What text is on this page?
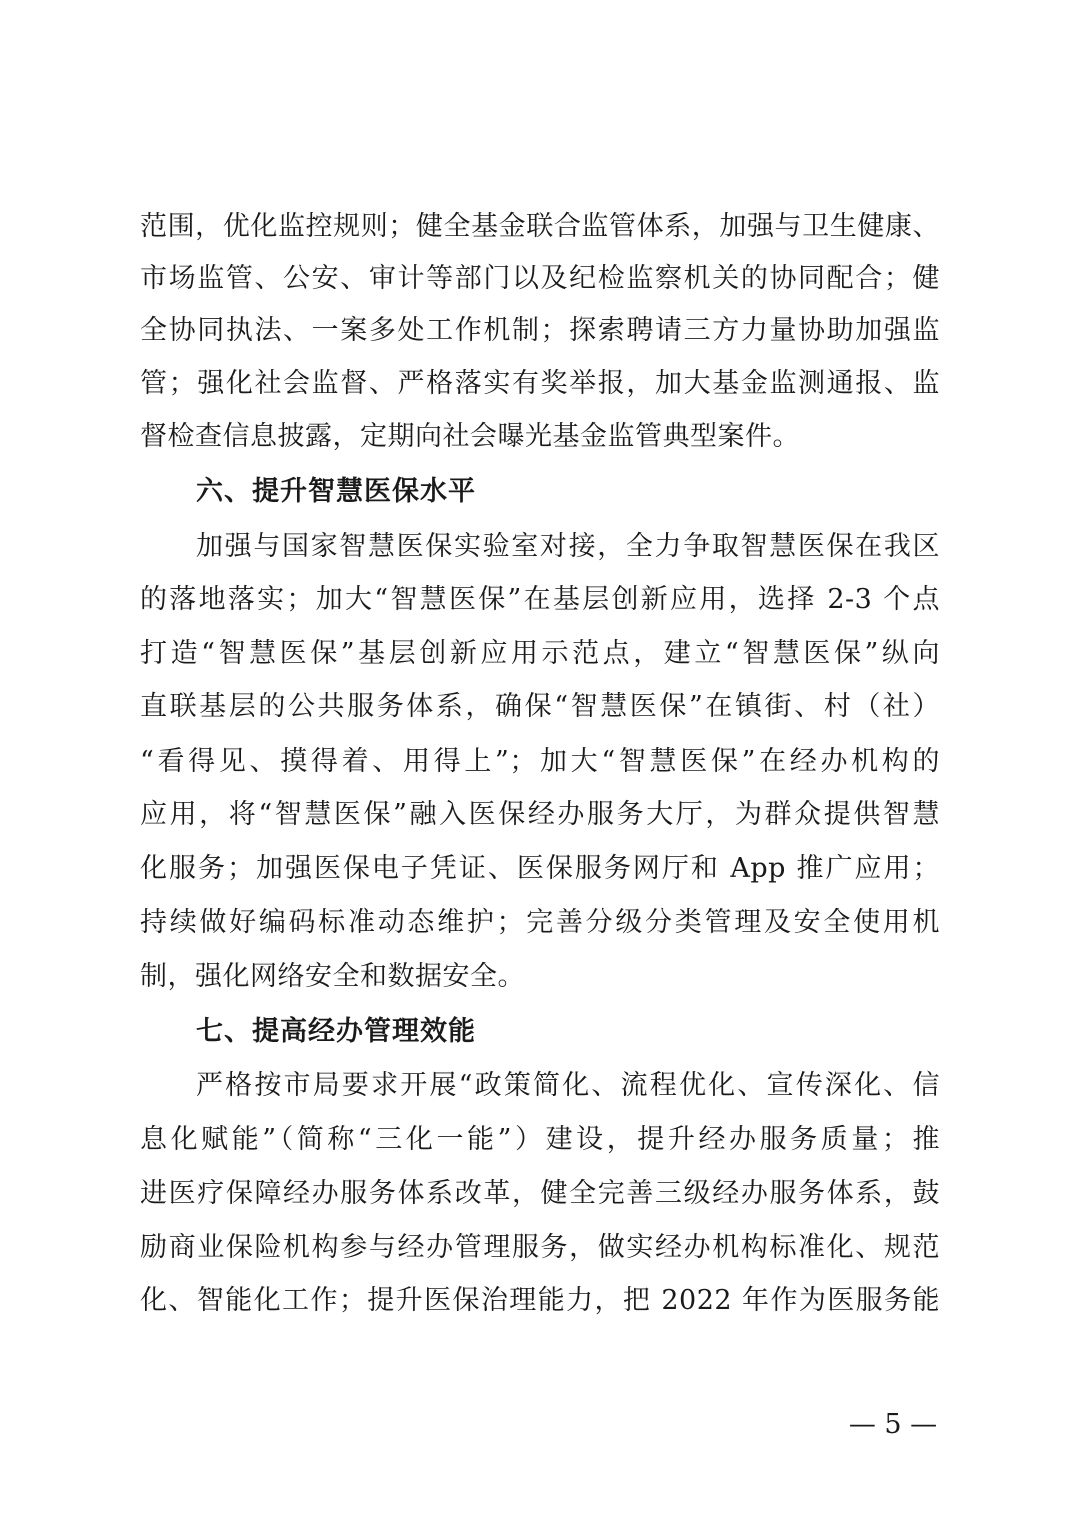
范围，优化监控规则；健全基金联合监管体系，加强与卫生健康、
市场监管、公安、审计等部门以及纪检监察机关的协同配合；健
全协同执法、一案多处工作机制；探索聘请三方力量协助加强监
管；强化社会监督、严格落实有奖举报，加大基金监测通报、监
督检查信息披露，定期向社会曝光基金监管典型案件。
六、提升智慧医保水平
加强与国家智慧医保实验室对接，全力争取智慧医保在我区
的落地落实；加大“智慧医保”在基层创新应用，选择 2-3 个点
打造“智慧医保”基层创新应用示范点，建立“智慧医保”纵向
直联基层的公共服务体系，确保“智慧医保”在镇街、村（社）
“看得见、摸得着、用得上”；加大“智慧医保”在经办机构的
应用，将“智慧医保”融入医保经办服务大厅，为群众提供智慧
化服务；加强医保电子凭证、医保服务网厅和 App 推广应用；
持续做好编码标准动态维护；完善分级分类管理及安全使用机
制，强化网络安全和数据安全。
七、提高经办管理效能
严格按市局要求开展“政策简化、流程优化、宣传深化、信
息化赋能”（简称“三化一能”）建设，提升经办服务质量；推
进医疗保障经办服务体系改革，健全完善三级经办服务体系，鼓
励商业保险机构参与经办管理服务，做实经办机构标准化、规范
化、智能化工作；提升医保治理能力，把 2022 年作为医服务能
— 5 —
